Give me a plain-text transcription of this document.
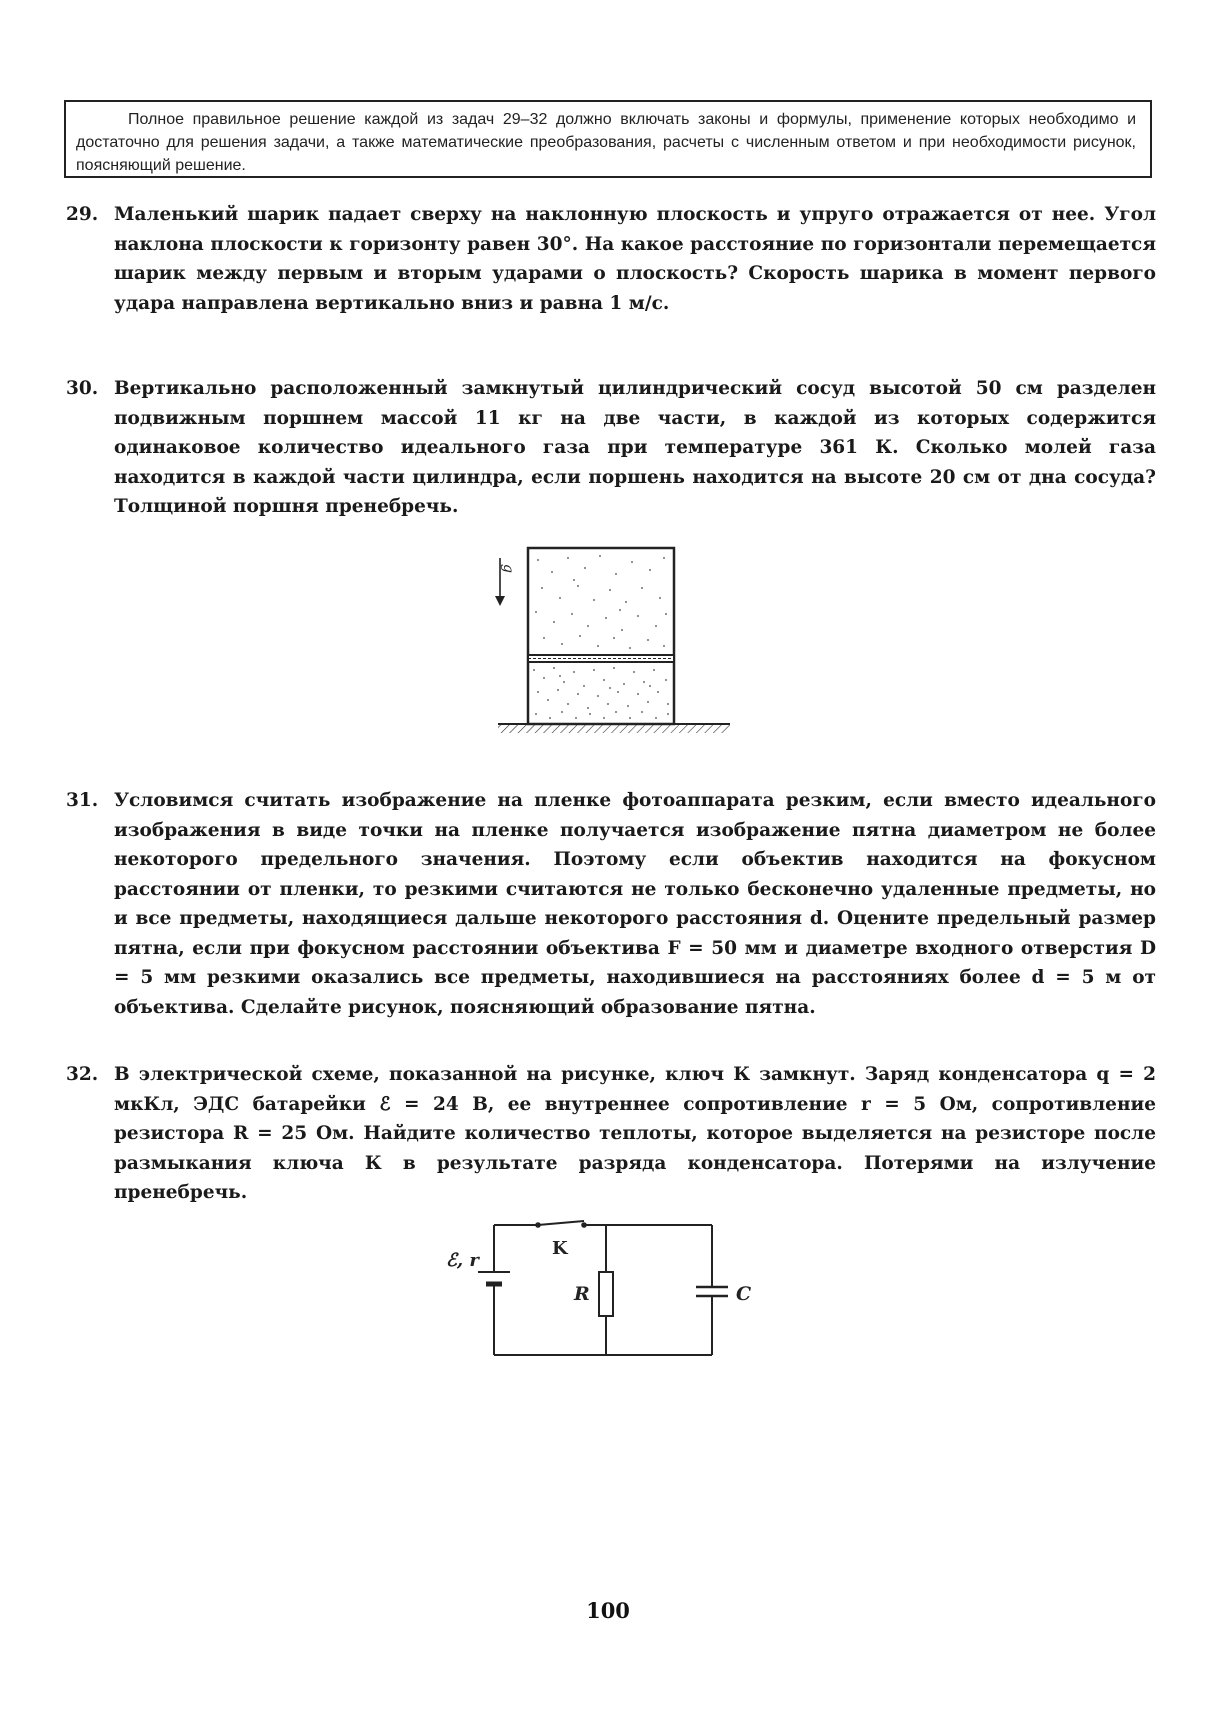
Полное правильное решение каждой из задач 29–32 должно включать законы и формулы, применение которых необходимо и достаточно для решения задачи, а также математические преобразования, расчеты с численным ответом и при необходимости рисунок, поясняющий решение.
29. Маленький шарик падает сверху на наклонную плоскость и упруго отражается от нее. Угол наклона плоскости к горизонту равен 30°. На какое расстояние по горизонтали перемещается шарик между первым и вторым ударами о плоскость? Скорость шарика в момент первого удара направлена вертикально вниз и равна 1 м/с.
30. Вертикально расположенный замкнутый цилиндрический сосуд высотой 50 см разделен подвижным поршнем массой 11 кг на две части, в каждой из которых содержится одинаковое количество идеального газа при температуре 361 К. Сколько молей газа находится в каждой части цилиндра, если поршень находится на высоте 20 см от дна сосуда? Толщиной поршня пренебречь.
g
31. Условимся считать изображение на пленке фотоаппарата резким, если вместо идеального изображения в виде точки на пленке получается изображение пятна диаметром не более некоторого предельного значения. Поэтому если объектив находится на фокусном расстоянии от пленки, то резкими считаются не только бесконечно удаленные предметы, но и все предметы, находящиеся дальше некоторого расстояния d. Оцените предельный размер пятна, если при фокусном расстоянии объектива F = 50 мм и диаметре входного отверстия D = 5 мм резкими оказались все предметы, находившиеся на расстояниях более d = 5 м от объектива. Сделайте рисунок, поясняющий образование пятна.
32. В электрической схеме, показанной на рисунке, ключ К замкнут. Заряд конденсатора q = 2 мкКл, ЭДС батарейки ℰ = 24 В, ее внутреннее сопротивление r = 5 Ом, сопротивление резистора R = 25 Ом. Найдите количество теплоты, которое выделяется на резисторе после размыкания ключа К в результате разряда конденсатора. Потерями на излучение пренебречь.
K
ℰ, r
R	C
100
